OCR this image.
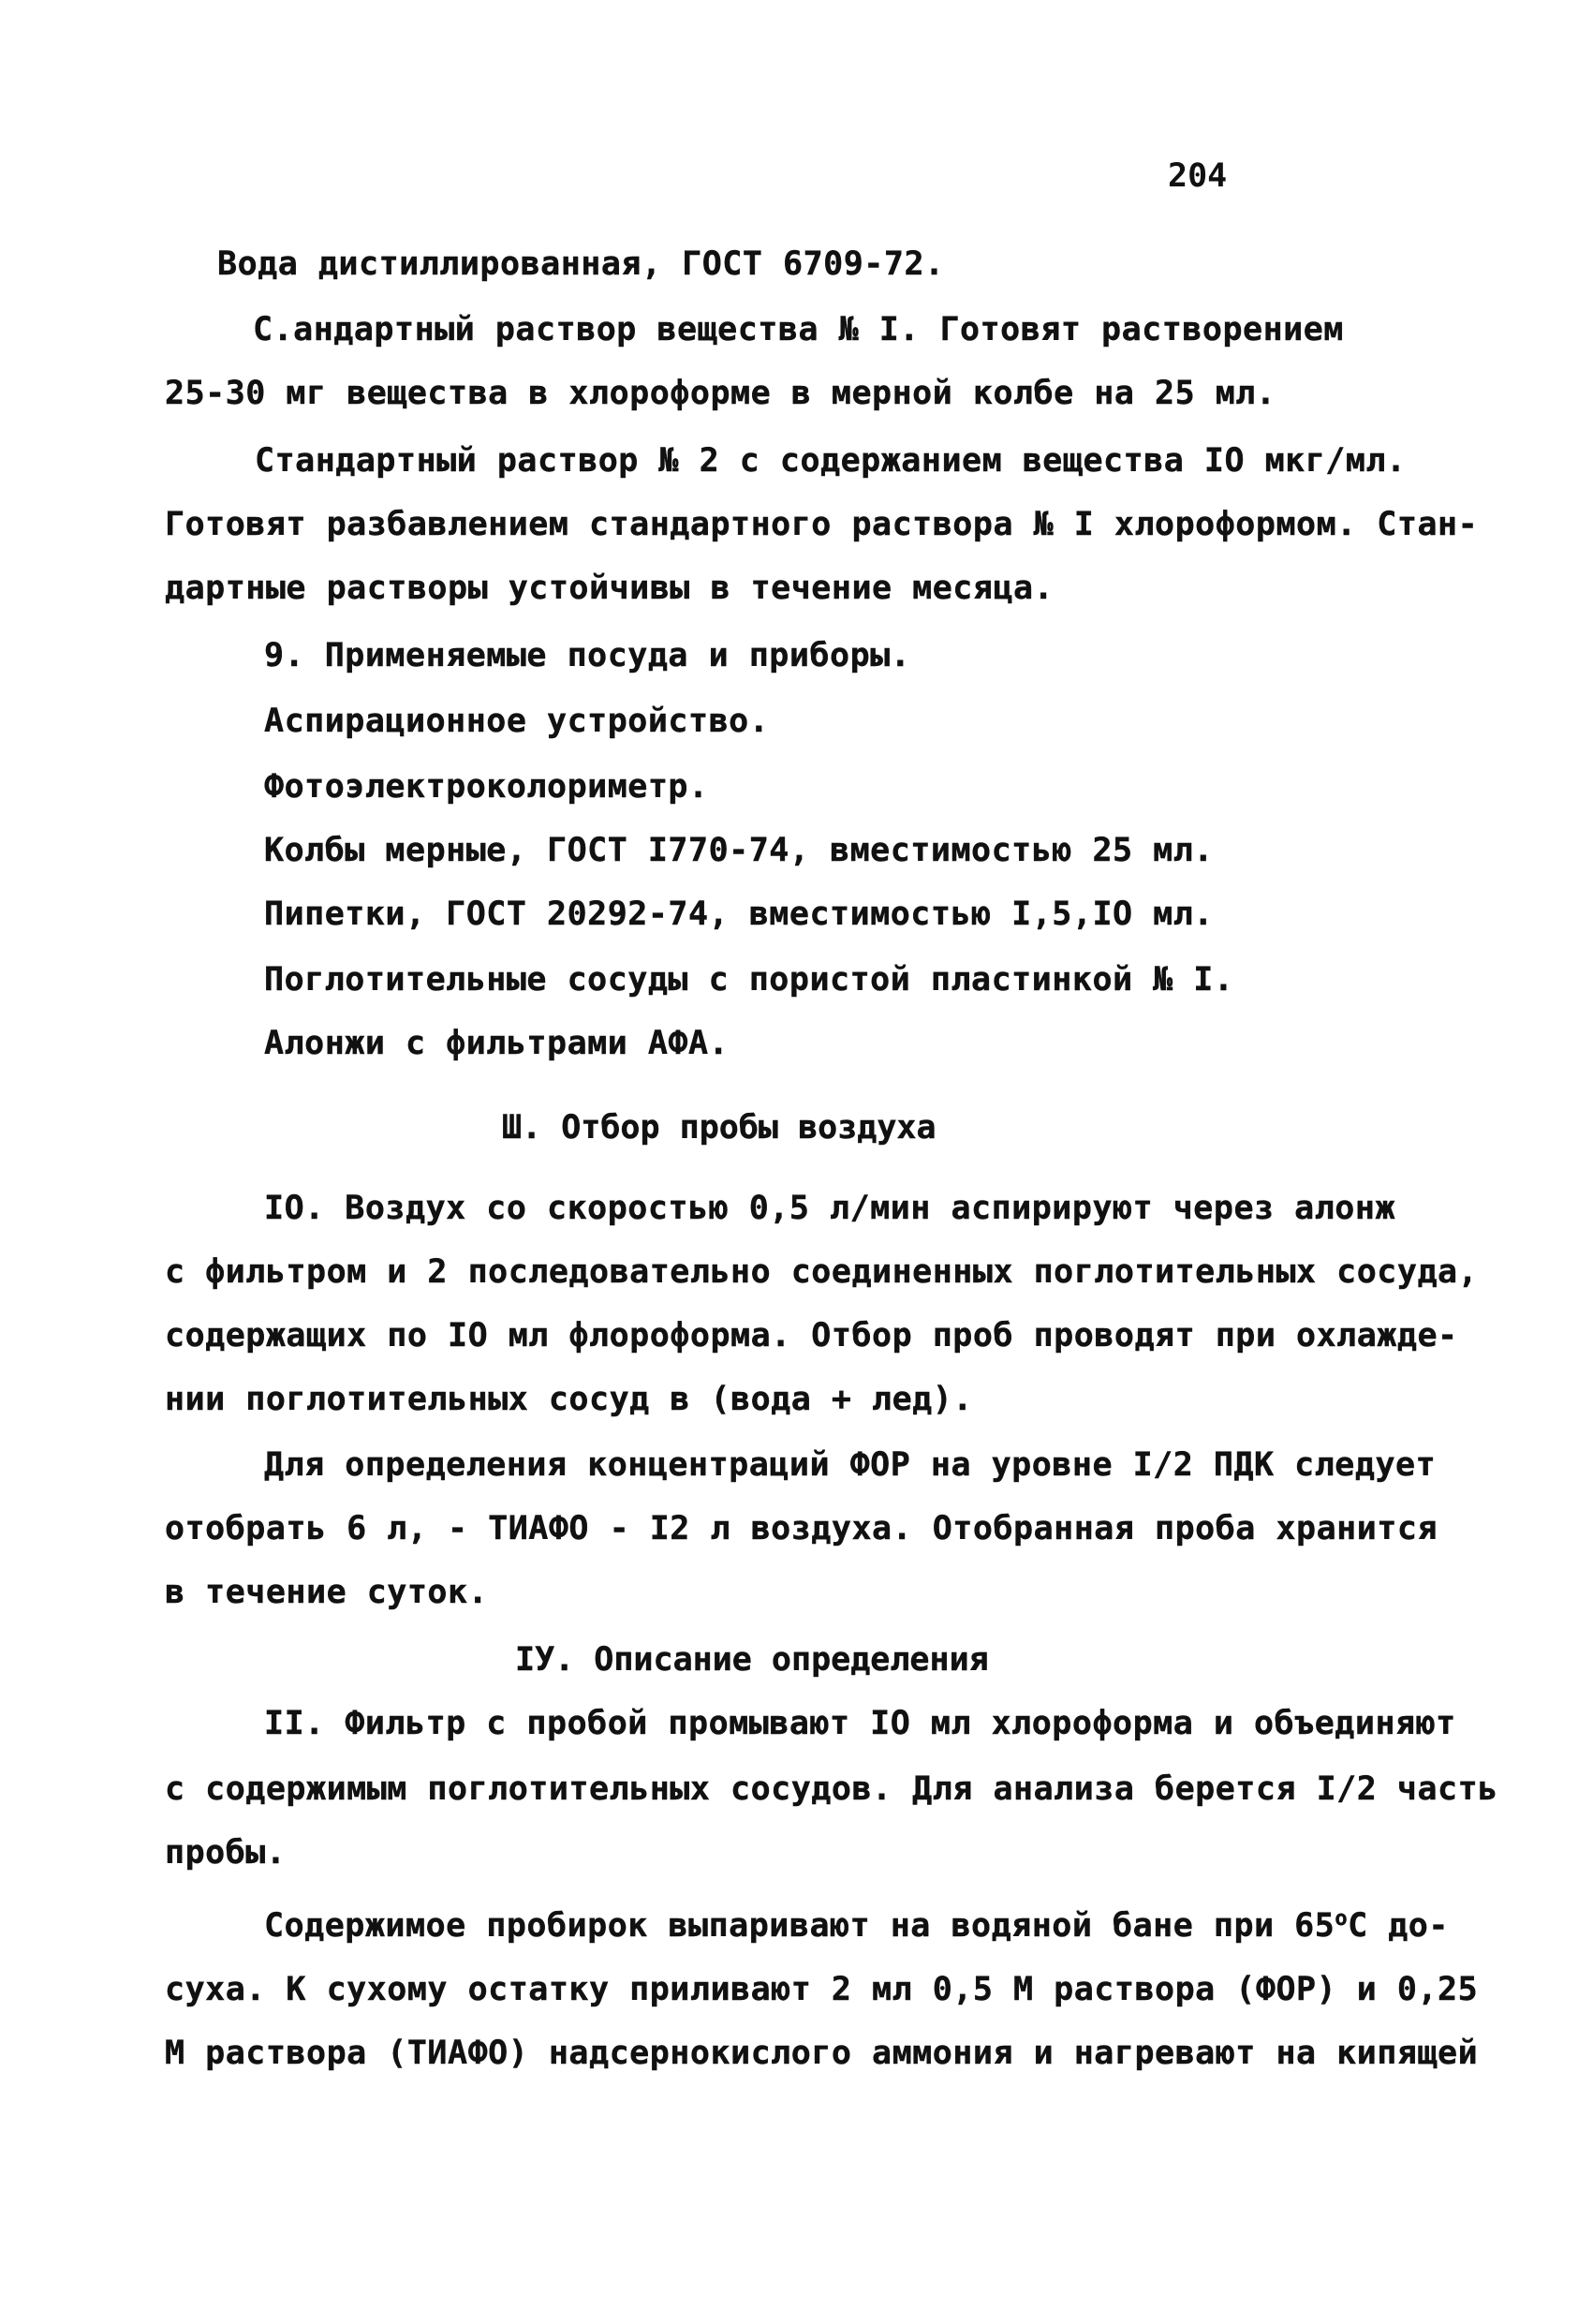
204
Вода дистиллированная, ГОСТ 6709-72.
С.андартный раствор вещества № I. Готовят растворением
25-30 мг вещества в хлороформе в мерной колбе на 25 мл.
Стандартный раствор № 2 с содержанием вещества IO мкг/мл.
Готовят разбавлением стандартного раствора № I хлороформом. Стан-
дартные растворы устойчивы в течение месяца.
9. Применяемые посуда и приборы.
Аспирационное устройство.
Фотоэлектроколориметр.
Колбы мерные, ГОСТ I770-74, вместимостью 25 мл.
Пипетки, ГОСТ 20292-74, вместимостью I,5,IO мл.
Поглотительные сосуды с пористой пластинкой № I.
Алонжи с фильтрами АФА.
Ш. Отбор пробы воздуха
IO. Воздух со скоростью 0,5 л/мин аспирируют через алонж
с фильтром и 2 последовательно соединенных поглотительных сосуда,
содержащих по IO мл флороформа. Отбор проб проводят при охлажде-
нии поглотительных сосуд в (вода + лед).
Для определения концентраций ФОР на уровне I/2 ПДК следует
отобрать 6 л, - ТИАФО - I2 л воздуха. Отобранная проба хранится
в течение суток.
IУ. Описание определения
II. Фильтр с пробой промывают IO мл хлороформа и объединяют
с содержимым поглотительных сосудов. Для анализа берется I/2 часть
пробы.
Содержимое пробирок выпаривают на водяной бане при $65^оС$ до-
суха. К сухому остатку приливают 2 мл 0,5 М раствора (ФОР) и 0,25
М раствора (ТИАФО) надсернокислого аммония и нагревают на кипящей
